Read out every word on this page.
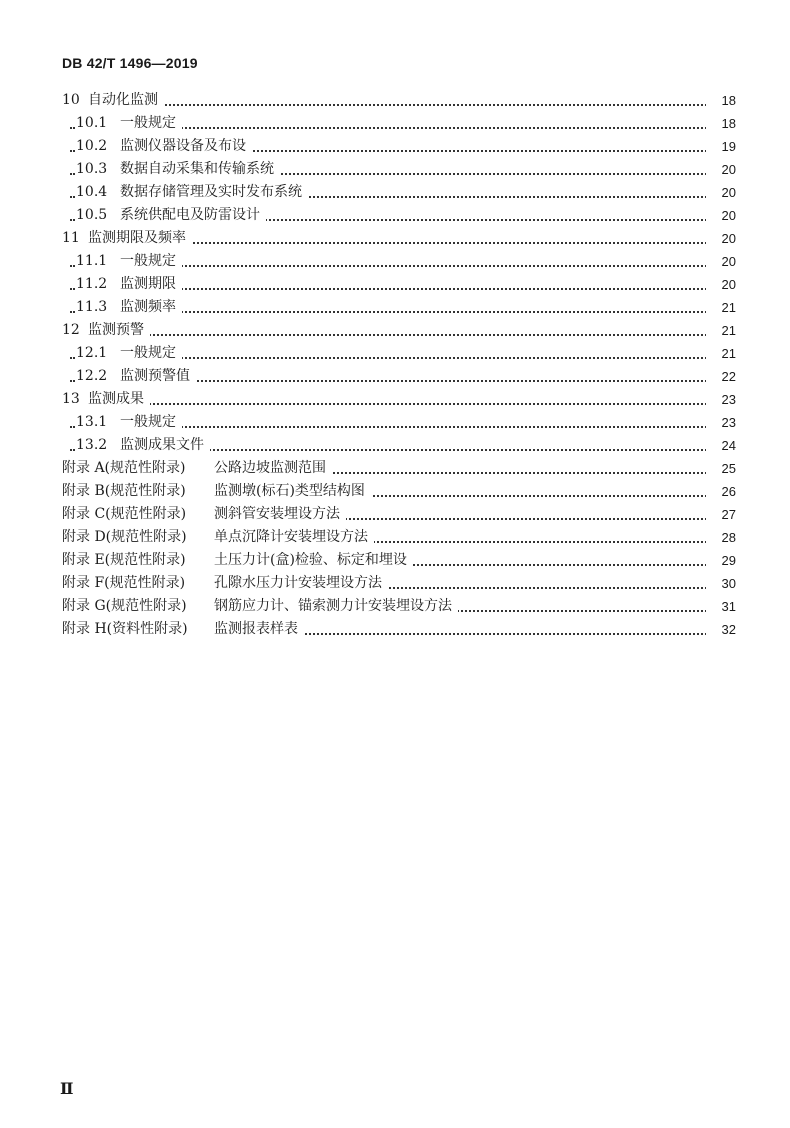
DB 42/T 1496—2019
10 自动化监测	18
10.1 一般规定	18
10.2 监测仪器设备及布设	19
10.3 数据自动采集和传输系统	20
10.4 数据存储管理及实时发布系统	20
10.5 系统供配电及防雷设计	20
11 监测期限及频率	20
11.1 一般规定	20
11.2 监测期限	20
11.3 监测频率	21
12 监测预警	21
12.1 一般规定	21
12.2 监测预警值	22
13 监测成果	23
13.1 一般规定	23
13.2 监测成果文件	24
附录 A(规范性附录) 公路边坡监测范围	25
附录 B(规范性附录) 监测墩(标石)类型结构图	26
附录 C(规范性附录) 测斜管安装埋设方法	27
附录 D(规范性附录) 单点沉降计安装埋设方法	28
附录 E(规范性附录) 土压力计(盒)检验、标定和埋设	29
附录 F(规范性附录) 孔隙水压力计安装埋设方法	30
附录 G(规范性附录) 钢筋应力计、锚索测力计安装埋设方法	31
附录 H(资料性附录) 监测报表样表	32
Ⅱ
